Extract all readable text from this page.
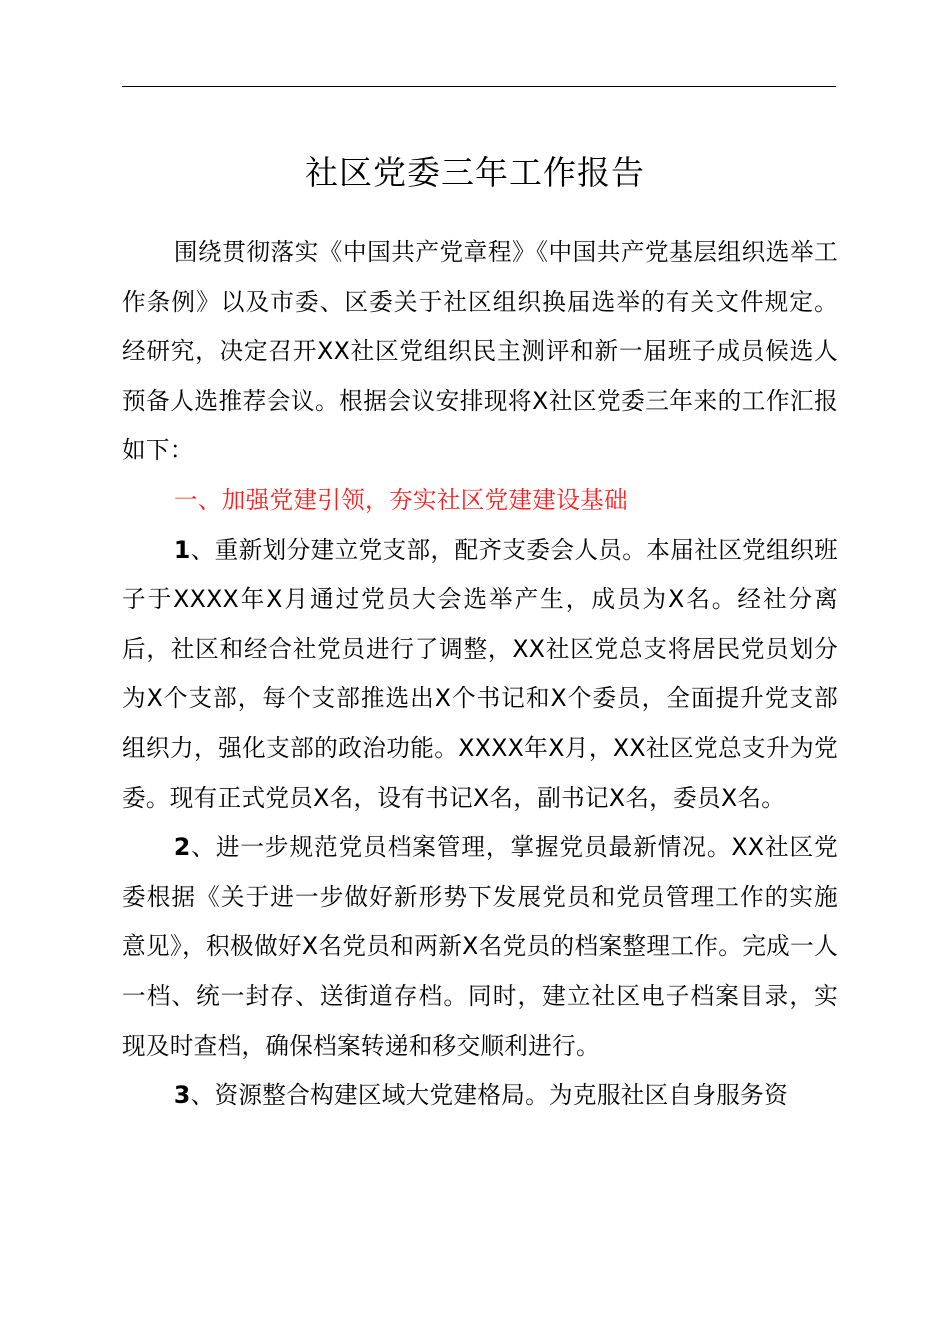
社区党委三年工作报告

围绕贯彻落实《中国共产党章程》《中国共产党基层组织选举工作条例》以及市委、区委关于社区组织换届选举的有关文件规定。经研究，决定召开XX社区党组织民主测评和新一届班子成员候选人预备人选推荐会议。根据会议安排现将X社区党委三年来的工作汇报如下：

一、加强党建引领，夯实社区党建建设基础

1、重新划分建立党支部，配齐支委会人员。本届社区党组织班子于XXXX年X月通过党员大会选举产生，成员为X名。经社分离后，社区和经合社党员进行了调整，XX社区党总支将居民党员划分为X个支部，每个支部推选出X个书记和X个委员，全面提升党支部组织力，强化支部的政治功能。XXXX年X月，XX社区党总支升为党委。现有正式党员X名，设有书记X名，副书记X名，委员X名。

2、进一步规范党员档案管理，掌握党员最新情况。XX社区党委根据《关于进一步做好新形势下发展党员和党员管理工作的实施意见》，积极做好X名党员和两新X名党员的档案整理工作。完成一人一档、统一封存、送街道存档。同时，建立社区电子档案目录，实现及时查档，确保档案转递和移交顺利进行。

3、资源整合构建区域大党建格局。为克服社区自身服务资
